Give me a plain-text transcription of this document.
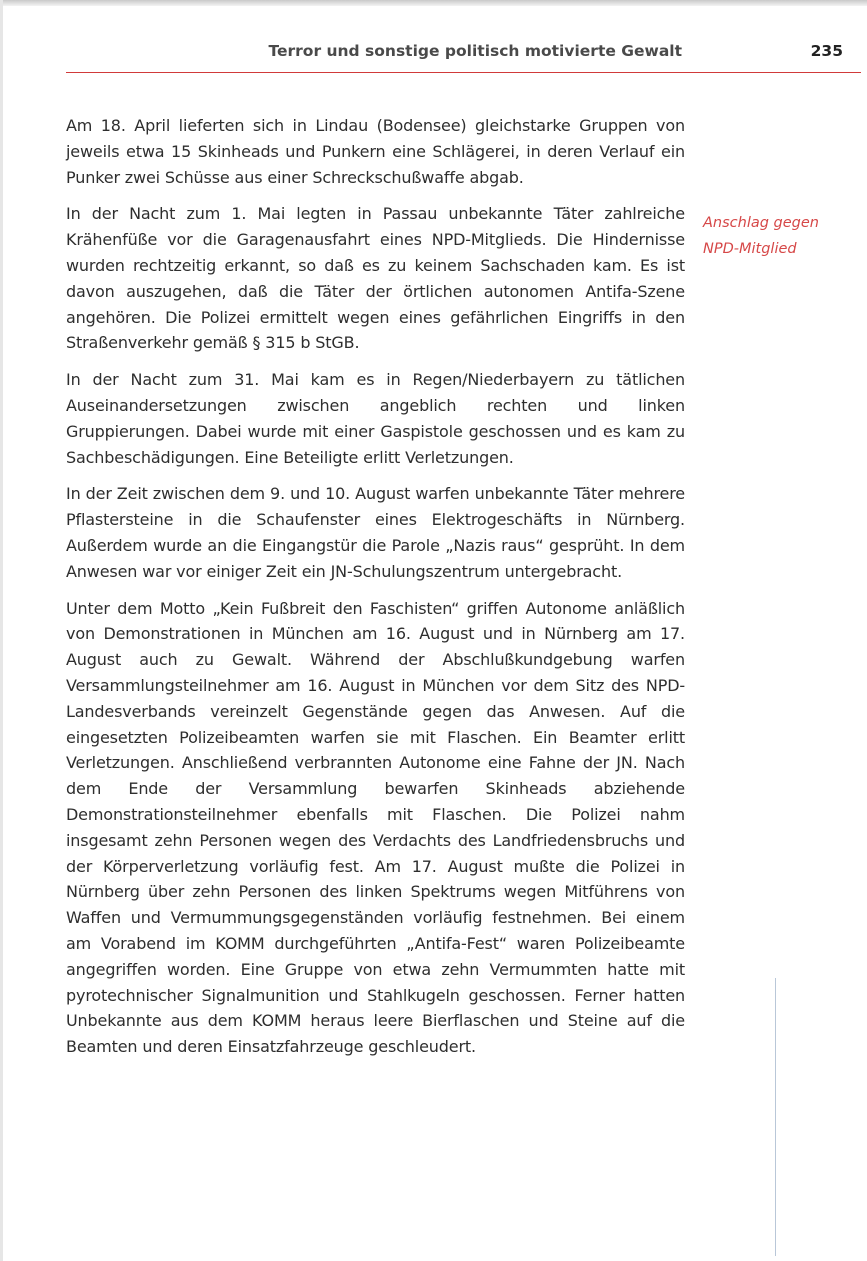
Terror und sonstige politisch motivierte Gewalt	235

Am 18. April lieferten sich in Lindau (Bodensee) gleichstarke Gruppen von jeweils etwa 15 Skinheads und Punkern eine Schlägerei, in deren Verlauf ein Punker zwei Schüsse aus einer Schreckschußwaffe abgab.

In der Nacht zum 1. Mai legten in Passau unbekannte Täter zahlreiche Krähenfüße vor die Garagenausfahrt eines NPD-Mitglieds. Die Hindernisse wurden rechtzeitig erkannt, so daß es zu keinem Sachschaden kam. Es ist davon auszugehen, daß die Täter der örtlichen autonomen Antifa-Szene angehören. Die Polizei ermittelt wegen eines gefährlichen Eingriffs in den Straßenverkehr gemäß § 315 b StGB.

In der Nacht zum 31. Mai kam es in Regen/Niederbayern zu tätlichen Auseinandersetzungen zwischen angeblich rechten und linken Gruppierungen. Dabei wurde mit einer Gaspistole geschossen und es kam zu Sachbeschädigungen. Eine Beteiligte erlitt Verletzungen.

In der Zeit zwischen dem 9. und 10. August warfen unbekannte Täter mehrere Pflastersteine in die Schaufenster eines Elektrogeschäfts in Nürnberg. Außerdem wurde an die Eingangstür die Parole „Nazis raus“ gesprüht. In dem Anwesen war vor einiger Zeit ein JN-Schulungszentrum untergebracht.

Unter dem Motto „Kein Fußbreit den Faschisten“ griffen Autonome anläßlich von Demonstrationen in München am 16. August und in Nürnberg am 17. August auch zu Gewalt. Während der Abschlußkundgebung warfen Versammlungsteilnehmer am 16. August in München vor dem Sitz des NPD-Landesverbands vereinzelt Gegenstände gegen das Anwesen. Auf die eingesetzten Polizeibeamten warfen sie mit Flaschen. Ein Beamter erlitt Verletzungen. Anschließend verbrannten Autonome eine Fahne der JN. Nach dem Ende der Versammlung bewarfen Skinheads abziehende Demonstrationsteilnehmer ebenfalls mit Flaschen. Die Polizei nahm insgesamt zehn Personen wegen des Verdachts des Landfriedensbruchs und der Körperverletzung vorläufig fest. Am 17. August mußte die Polizei in Nürnberg über zehn Personen des linken Spektrums wegen Mitführens von Waffen und Vermummungsgegenständen vorläufig festnehmen. Bei einem am Vorabend im KOMM durchgeführten „Antifa-Fest“ waren Polizeibeamte angegriffen worden. Eine Gruppe von etwa zehn Vermummten hatte mit pyrotechnischer Signalmunition und Stahlkugeln geschossen. Ferner hatten Unbekannte aus dem KOMM heraus leere Bierflaschen und Steine auf die Beamten und deren Einsatzfahrzeuge geschleudert.

Anschlag gegen
NPD-Mitglied
